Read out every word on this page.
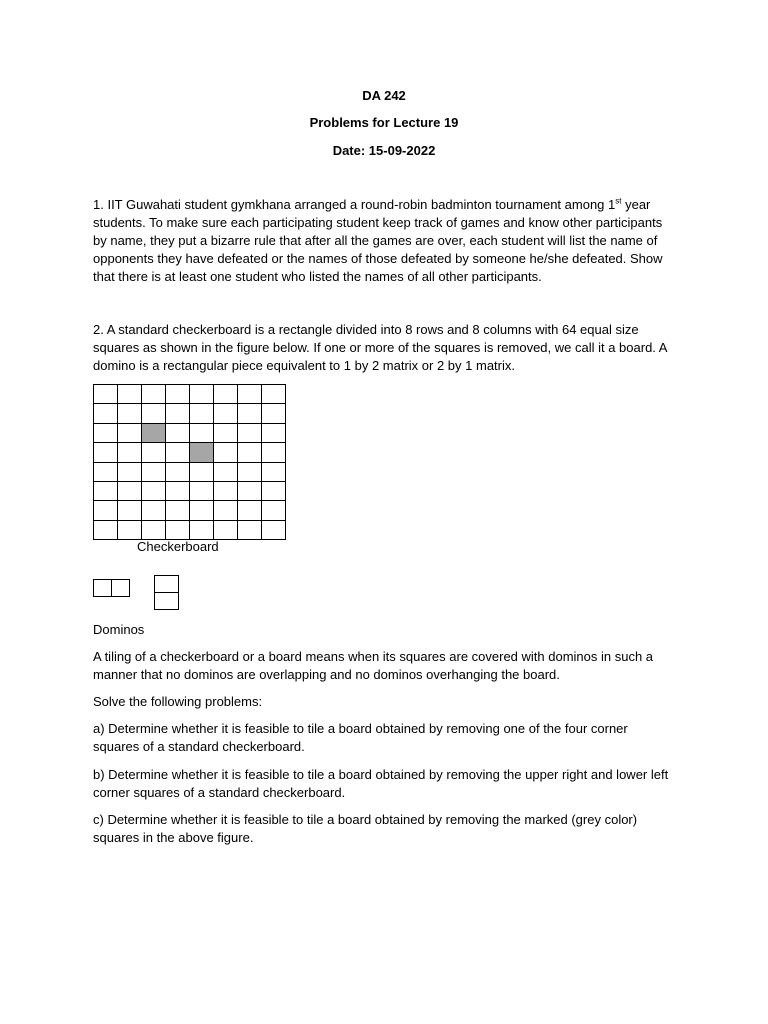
DA 242
Problems for Lecture 19
Date: 15-09-2022

1. IIT Guwahati student gymkhana arranged a round-robin badminton tournament among 1st year students. To make sure each participating student keep track of games and know other participants by name, they put a bizarre rule that after all the games are over, each student will list the name of opponents they have defeated or the names of those defeated by someone he/she defeated. Show that there is at least one student who listed the names of all other participants.

2. A standard checkerboard is a rectangle divided into 8 rows and 8 columns with 64 equal size squares as shown in the figure below. If one or more of the squares is removed, we call it a board. A domino is a rectangular piece equivalent to 1 by 2 matrix or 2 by 1 matrix.

Checkerboard
Dominos

A tiling of a checkerboard or a board means when its squares are covered with dominos in such a manner that no dominos are overlapping and no dominos overhanging the board.

Solve the following problems:

a) Determine whether it is feasible to tile a board obtained by removing one of the four corner squares of a standard checkerboard.

b) Determine whether it is feasible to tile a board obtained by removing the upper right and lower left corner squares of a standard checkerboard.

c) Determine whether it is feasible to tile a board obtained by removing the marked (grey color) squares in the above figure.
